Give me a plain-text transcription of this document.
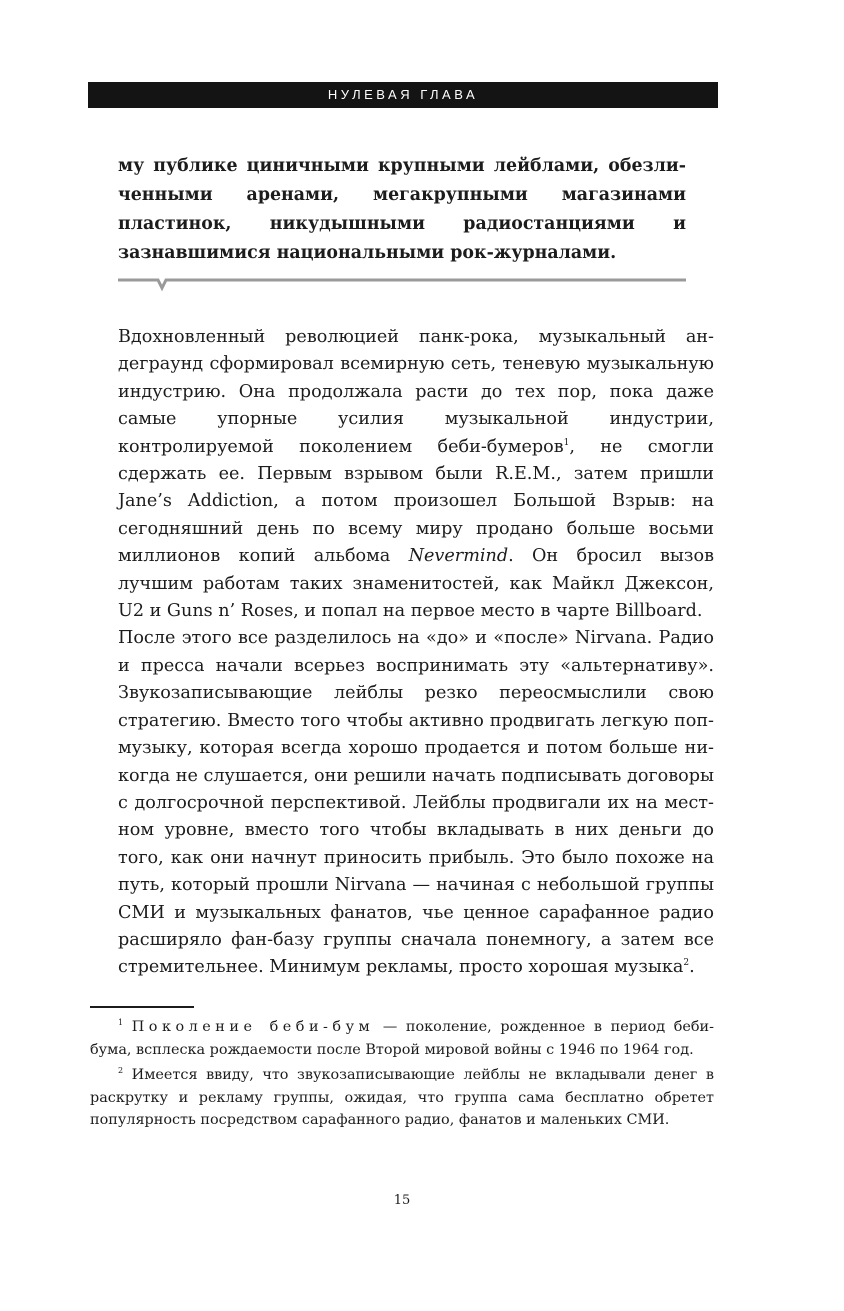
НУЛЕВАЯ ГЛАВА

му публике циничными крупными лейблами, обезличенными аренами, мегакрупными магазинами пластинок, никудышными радиостанциями и зазнавшимися национальными рок-журналами.

Вдохновленный революцией панк-рока, музыкальный андеграунд сформировал всемирную сеть, теневую музыкальную индустрию. Она продолжала расти до тех пор, пока даже самые упорные усилия музыкальной индустрии, контролируемой поколением беби-бумеров$^1$, не смогли сдержать ее. Первым взрывом были R.E.M., затем пришли Jane’s Addiction, а потом произошел Большой Взрыв: на сегодняшний день по всему миру продано больше восьми миллионов копий альбома Nevermind. Он бросил вызов лучшим работам таких знаменитостей, как Майкл Джексон, U2 и Guns n’ Roses, и попал на первое место в чарте Billboard.

После этого все разделилось на «до» и «после» Nirvana. Радио и пресса начали всерьез воспринимать эту «альтернативу». Звукозаписывающие лейблы резко переосмыслили свою стратегию. Вместо того чтобы активно продвигать легкую поп-музыку, которая всегда хорошо продается и потом больше никогда не слушается, они решили начать подписывать договоры с долгосрочной перспективой. Лейблы продвигали их на местном уровне, вместо того чтобы вкладывать в них деньги до того, как они начнут приносить прибыль. Это было похоже на путь, который прошли Nirvana — начиная с небольшой группы СМИ и музыкальных фанатов, чье ценное сарафанное радио расширяло фан-базу группы сначала понемногу, а затем все стремительнее. Минимум рекламы, просто хорошая музыка$^2$.

$^1$ Поколение беби-бум — поколение, рожденное в период беби-бума, всплеска рождаемости после Второй мировой войны с 1946 по 1964 год.

$^2$ Имеется ввиду, что звукозаписывающие лейблы не вкладывали денег в раскрутку и рекламу группы, ожидая, что группа сама бесплатно обретет популярность посредством сарафанного радио, фанатов и маленьких СМИ.

15
